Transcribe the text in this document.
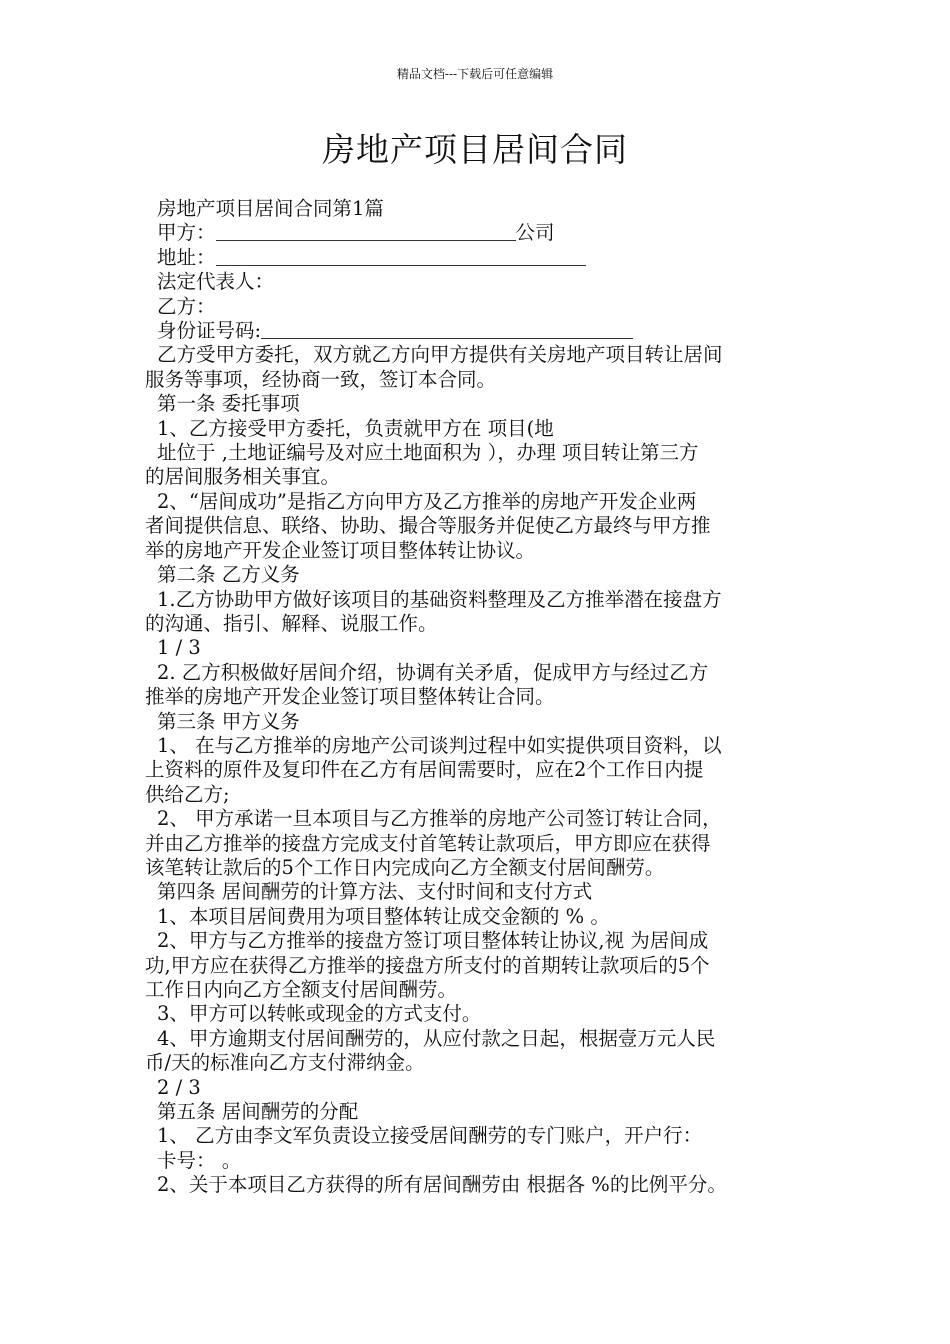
精品文档---下载后可任意编辑
房地产项目居间合同
房地产项目居间合同第1篇
甲方：	公司
地址：
法定代表人：
乙方：
身份证号码:
乙方受甲方委托，双方就乙方向甲方提供有关房地产项目转让居间
服务等事项，经协商一致，签订本合同。
第一条 委托事项
1、乙方接受甲方委托，负责就甲方在 项目(地
址位于 ,土地证编号及对应土地面积为 ），办理 项目转让第三方
的居间服务相关事宜。
2、“居间成功”是指乙方向甲方及乙方推举的房地产开发企业两
者间提供信息、联络、协助、撮合等服务并促使乙方最终与甲方推
举的房地产开发企业签订项目整体转让协议。
第二条 乙方义务
1.乙方协助甲方做好该项目的基础资料整理及乙方推举潜在接盘方
的沟通、指引、解释、说服工作。
1 / 3
2. 乙方积极做好居间介绍，协调有关矛盾，促成甲方与经过乙方
推举的房地产开发企业签订项目整体转让合同。
第三条 甲方义务
1、 在与乙方推举的房地产公司谈判过程中如实提供项目资料，以
上资料的原件及复印件在乙方有居间需要时，应在2个工作日内提
供给乙方;
2、 甲方承诺一旦本项目与乙方推举的房地产公司签订转让合同，
并由乙方推举的接盘方完成支付首笔转让款项后，甲方即应在获得
该笔转让款后的5个工作日内完成向乙方全额支付居间酬劳。
第四条 居间酬劳的计算方法、支付时间和支付方式
1、本项目居间费用为项目整体转让成交金额的 % 。
2、甲方与乙方推举的接盘方签订项目整体转让协议,视 为居间成
功,甲方应在获得乙方推举的接盘方所支付的首期转让款项后的5个
工作日内向乙方全额支付居间酬劳。
3、甲方可以转帐或现金的方式支付。
4、甲方逾期支付居间酬劳的，从应付款之日起，根据壹万元人民
币/天的标准向乙方支付滞纳金。
2 / 3
第五条 居间酬劳的分配
1、 乙方由李文军负责设立接受居间酬劳的专门账户，开户行：
卡号： 。
2、关于本项目乙方获得的所有居间酬劳由 根据各 %的比例平分。
